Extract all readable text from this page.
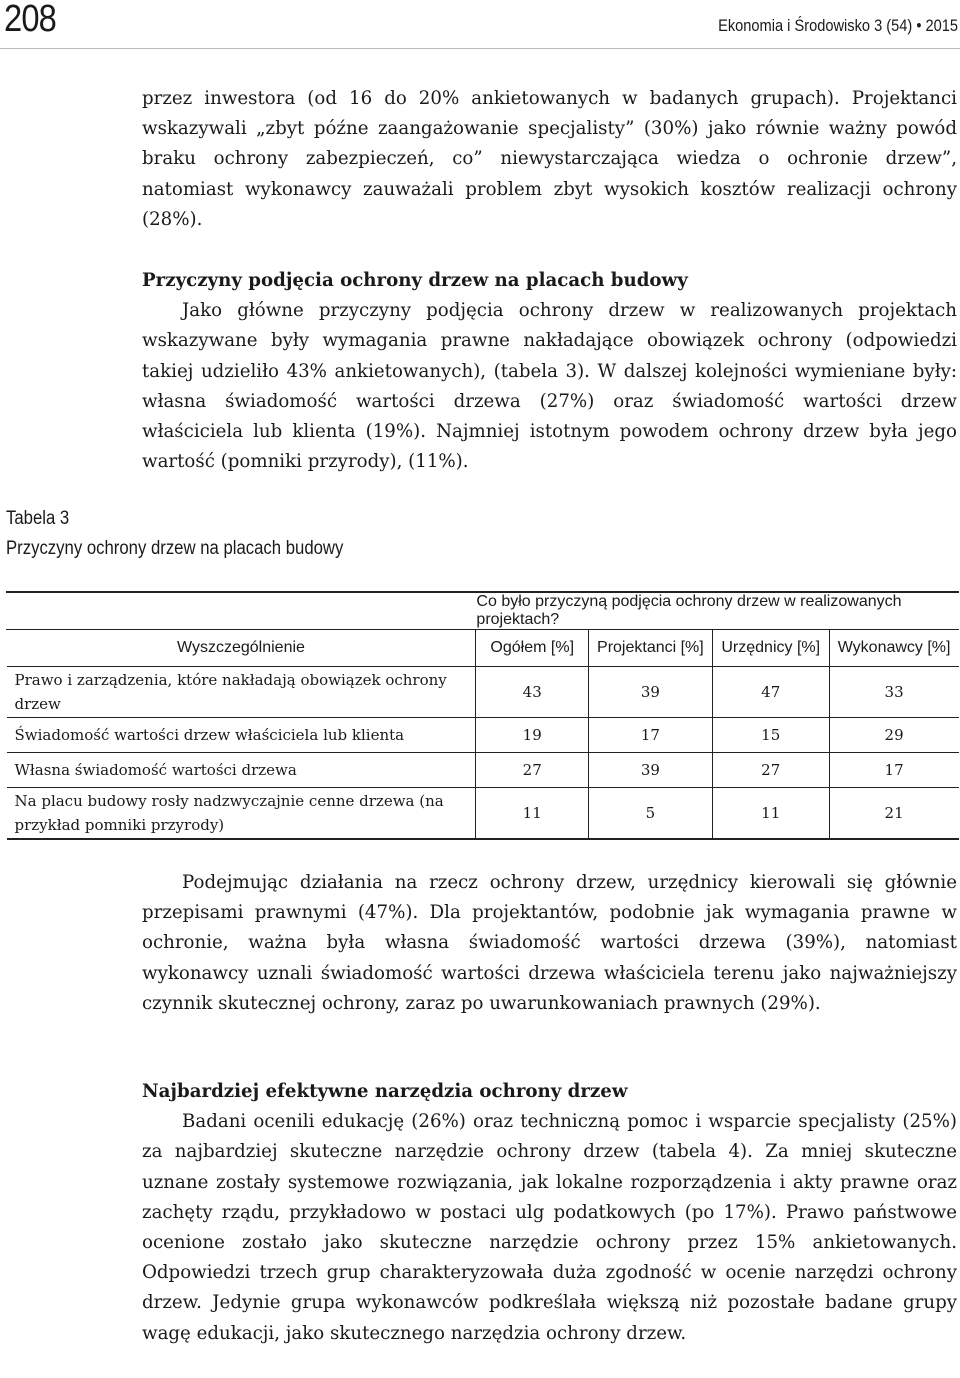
208	Ekonomia i Środowisko 3 (54) • 2015
przez inwestora (od 16 do 20% ankietowanych w badanych grupach). Projektanci wskazywali „zbyt późne zaangażowanie specjalisty” (30%) jako równie ważny powód braku ochrony zabezpieczeń, co” niewystarczająca wiedza o ochronie drzew”, natomiast wykonawcy zauważali problem zbyt wysokich kosztów realizacji ochrony (28%).
Przyczyny podjęcia ochrony drzew na placach budowy
Jako główne przyczyny podjęcia ochrony drzew w realizowanych projektach wskazywane były wymagania prawne nakładające obowiązek ochrony (odpowiedzi takiej udzieliło 43% ankietowanych), (tabela 3). W dalszej kolejności wymieniane były: własna świadomość wartości drzewa (27%) oraz świadomość wartości drzew właściciela lub klienta (19%). Najmniej istotnym powodem ochrony drzew była jego wartość (pomniki przyrody), (11%).
Tabela 3
Przyczyny ochrony drzew na placach budowy
	Co było przyczyną podjęcia ochrony drzew w realizowanych projektach?			
Wyszczególnienie	Ogółem [%]	Projektanci [%]	Urzędnicy [%]	Wykonawcy [%]
Prawo i zarządzenia, które nakładają obowiązek ochrony drzew	43	39	47	33
Świadomość wartości drzew właściciela lub klienta	19	17	15	29
Własna świadomość wartości drzewa	27	39	27	17
Na placu budowy rosły nadzwyczajnie cenne drzewa (na przykład pomniki przyrody)	11	5	11	21
Podejmując działania na rzecz ochrony drzew, urzędnicy kierowali się głównie przepisami prawnymi (47%). Dla projektantów, podobnie jak wymagania prawne w ochronie, ważna była własna świadomość wartości drzewa (39%), natomiast wykonawcy uznali świadomość wartości drzewa właściciela terenu jako najważniejszy czynnik skutecznej ochrony, zaraz po uwarunkowaniach prawnych (29%).
Najbardziej efektywne narzędzia ochrony drzew
Badani ocenili edukację (26%) oraz techniczną pomoc i wsparcie specjalisty (25%) za najbardziej skuteczne narzędzie ochrony drzew (tabela 4). Za mniej skuteczne uznane zostały systemowe rozwiązania, jak lokalne rozporządzenia i akty prawne oraz zachęty rządu, przykładowo w postaci ulg podatkowych (po 17%). Prawo państwowe ocenione zostało jako skuteczne narzędzie ochrony przez 15% ankietowanych. Odpowiedzi trzech grup charakteryzowała duża zgodność w ocenie narzędzi ochrony drzew. Jedynie grupa wykonawców podkreślała większą niż pozostałe badane grupy wagę edukacji, jako skutecznego narzędzia ochrony drzew.
